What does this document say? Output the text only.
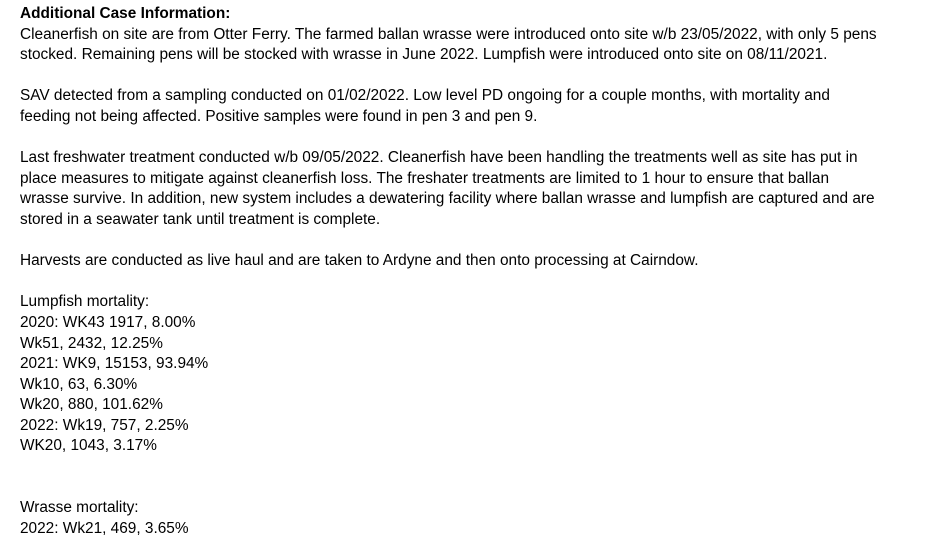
Additional Case Information:

Cleanerfish on site are from Otter Ferry. The farmed ballan wrasse were introduced onto site w/b 23/05/2022, with only 5 pens
stocked. Remaining pens will be stocked with wrasse in June 2022. Lumpfish were introduced onto site on 08/11/2021.
SAV detected from a sampling conducted on 01/02/2022. Low level PD ongoing for a couple months, with mortality and
feeding not being affected. Positive samples were found in pen 3 and pen 9.
Last freshwater treatment conducted w/b 09/05/2022. Cleanerfish have been handling the treatments well as site has put in
place measures to mitigate against cleanerfish loss. The freshater treatments are limited to 1 hour to ensure that ballan
wrasse survive. In addition, new system includes a dewatering facility where ballan wrasse and lumpfish are captured and are
stored in a seawater tank until treatment is complete.
Harvests are conducted as live haul and are taken to Ardyne and then onto processing at Cairndow.
Lumpfish mortality:
2020: WK43 1917, 8.00%
Wk51, 2432, 12.25%
2021: WK9, 15153, 93.94%
Wk10, 63, 6.30%
Wk20, 880, 101.62%
2022: Wk19, 757, 2.25%
WK20, 1043, 3.17%
Wrasse mortality:
2022: Wk21, 469, 3.65%
